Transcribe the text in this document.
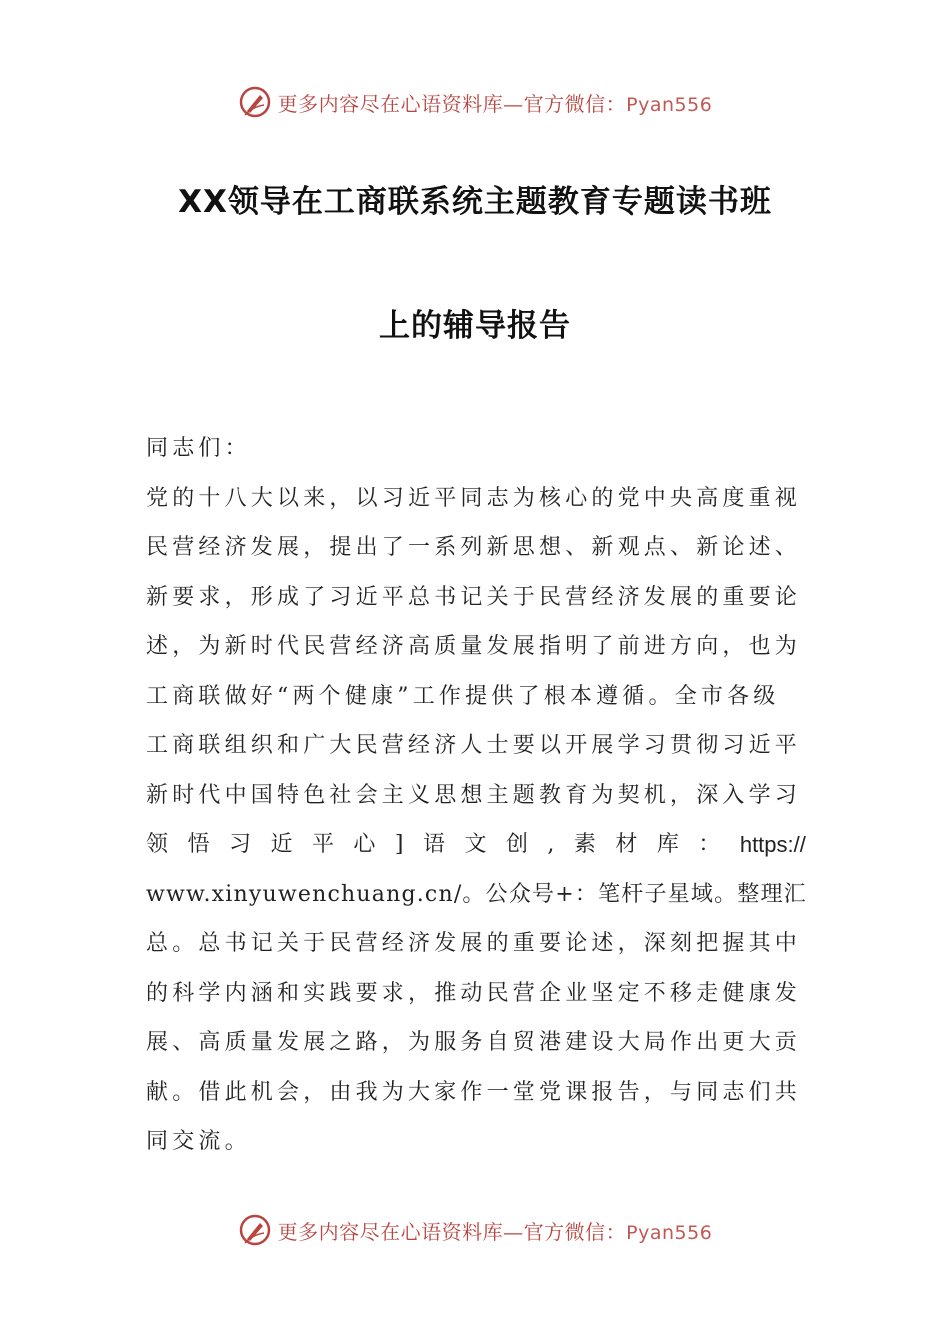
更多内容尽在心语资料库—官方微信：Pyan556
XX领导在工商联系统主题教育专题读书班
上的辅导报告
同志们：
党的十八大以来，以习近平同志为核心的党中央高度重视
民营经济发展，提出了一系列新思想、新观点、新论述、
新要求，形成了习近平总书记关于民营经济发展的重要论
述，为新时代民营经济高质量发展指明了前进方向，也为
工商联做好“两个健康”工作提供了根本遵循。全市各级
工商联组织和广大民营经济人士要以开展学习贯彻习近平
新时代中国特色社会主义思想主题教育为契机，深入学习
领 悟 习 近 平 心 ] 语 文 创 , 素 材 库 ： https://
www.xinyuwenchuang.cn/。公众号+：笔杆子星域。整理汇
总。总书记关于民营经济发展的重要论述，深刻把握其中
的科学内涵和实践要求，推动民营企业坚定不移走健康发
展、高质量发展之路，为服务自贸港建设大局作出更大贡
献。借此机会，由我为大家作一堂党课报告，与同志们共
同交流。
更多内容尽在心语资料库—官方微信：Pyan556
